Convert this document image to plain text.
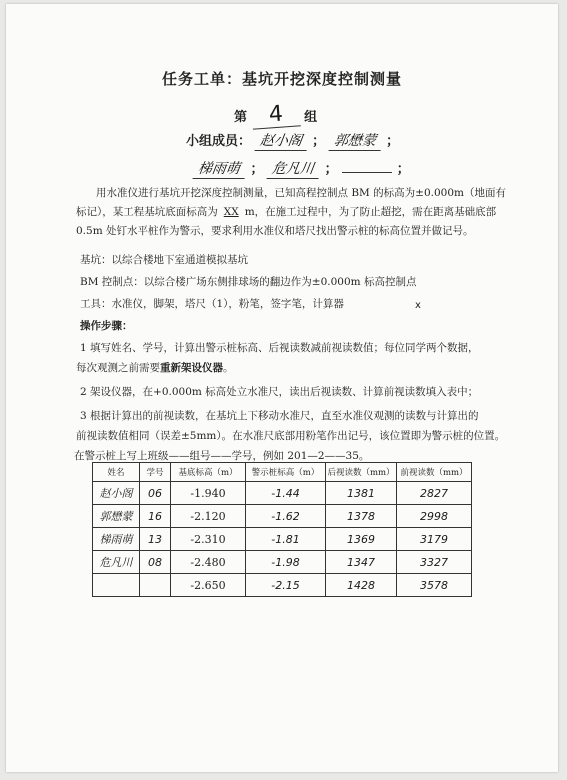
任务工单：基坑开挖深度控制测量
第 4 组
小组成员： 赵小阁 ； 郭懋蒙 ；
梯雨萌 ； 危凡川 ；	；
用水准仪进行基坑开挖深度控制测量，已知高程控制点 BM 的标高为±0.000m（地面有标记），某工程基坑底面标高为 XX m，在施工过程中，为了防止超挖，需在距离基础底部 0.5m 处钉水平桩作为警示，要求利用水准仪和塔尺找出警示桩的标高位置并做记号。
基坑：以综合楼地下室通道模拟基坑
BM 控制点：以综合楼广场东侧排球场的翻边作为±0.000m 标高控制点
工具：水准仪，脚架，塔尺（1），粉笔，签字笔，计算器	x
操作步骤：
1 填写姓名、学号，计算出警示桩标高、后视读数减前视读数值；每位同学两个数据，
每次观测之前需要重新架设仪器。
2 架设仪器，在+0.000m 标高处立水准尺，读出后视读数、计算前视读数填入表中；
3 根据计算出的前视读数，在基坑上下移动水准尺，直至水准仪观测的读数与计算出的
前视读数值相同（误差±5mm）。在水准尺底部用粉笔作出记号，该位置即为警示桩的位置。
在警示桩上写上班级——组号——学号，例如 201—2——35。
姓名	学号	基底标高（m）	警示桩标高（m）	后视读数（mm）	前视读数（mm）
赵小阁	06	-1.940	-1.44	1381	2827
郭懋蒙	16	-2.120	-1.62	1378	2998
梯雨萌	13	-2.310	-1.81	1369	3179
危凡川	08	-2.480	-1.98	1347	3327
		-2.650	-2.15	1428	3578
